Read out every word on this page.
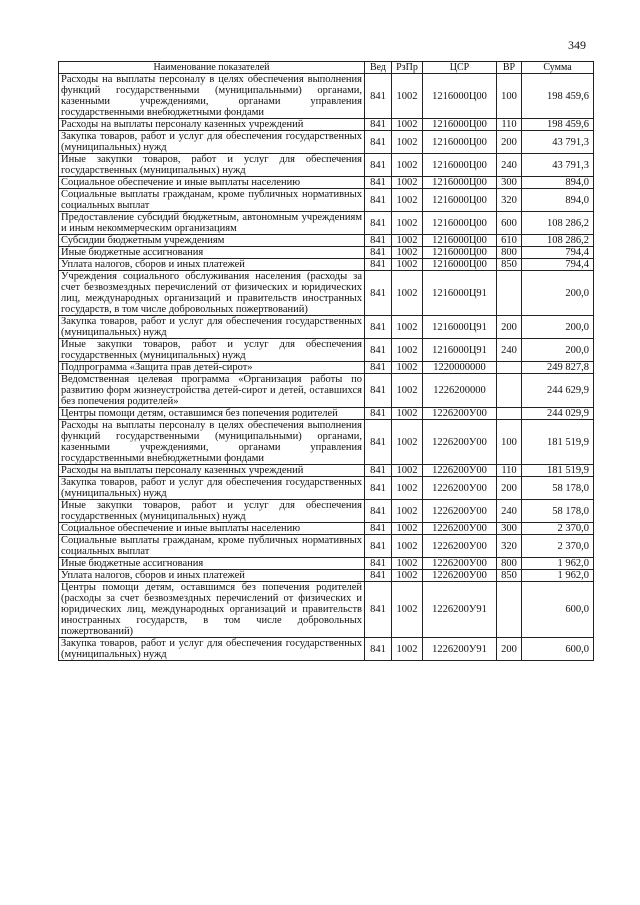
349
Наименование показателей	Вед	РзПр	ЦСР	ВР	Сумма
Расходы на выплаты персоналу в целях обеспечения выполнения функций государственными (муниципальными) органами, казенными учреждениями, органами управления государственными внебюджетными фондами	841	1002	1216000Ц00	100	198 459,6
Расходы на выплаты персоналу казенных учреждений	841	1002	1216000Ц00	110	198 459,6
Закупка товаров, работ и услуг для обеспечения государственных (муниципальных) нужд	841	1002	1216000Ц00	200	43 791,3
Иные закупки товаров, работ и услуг для обеспечения государственных (муниципальных) нужд	841	1002	1216000Ц00	240	43 791,3
Социальное обеспечение и иные выплаты населению	841	1002	1216000Ц00	300	894,0
Социальные выплаты гражданам, кроме публичных нормативных социальных выплат	841	1002	1216000Ц00	320	894,0
Предоставление субсидий бюджетным, автономным учреждениям и иным некоммерческим организациям	841	1002	1216000Ц00	600	108 286,2
Субсидии бюджетным учреждениям	841	1002	1216000Ц00	610	108 286,2
Иные бюджетные ассигнования	841	1002	1216000Ц00	800	794,4
Уплата налогов, сборов и иных платежей	841	1002	1216000Ц00	850	794,4
Учреждения социального обслуживания населения (расходы за счет безвозмездных перечислений от физических и юридических лиц, международных организаций и правительств иностранных государств, в том числе добровольных пожертвований)	841	1002	1216000Ц91		200,0
Закупка товаров, работ и услуг для обеспечения государственных (муниципальных) нужд	841	1002	1216000Ц91	200	200,0
Иные закупки товаров, работ и услуг для обеспечения государственных (муниципальных) нужд	841	1002	1216000Ц91	240	200,0
Подпрограмма «Защита прав детей-сирот»	841	1002	1220000000		249 827,8
Ведомственная целевая программа «Организация работы по развитию форм жизнеустройства детей-сирот и детей, оставшихся без попечения родителей»	841	1002	1226200000		244 629,9
Центры помощи детям, оставшимся без попечения родителей	841	1002	1226200У00		244 029,9
Расходы на выплаты персоналу в целях обеспечения выполнения функций государственными (муниципальными) органами, казенными учреждениями, органами управления государственными внебюджетными фондами	841	1002	1226200У00	100	181 519,9
Расходы на выплаты персоналу казенных учреждений	841	1002	1226200У00	110	181 519,9
Закупка товаров, работ и услуг для обеспечения государственных (муниципальных) нужд	841	1002	1226200У00	200	58 178,0
Иные закупки товаров, работ и услуг для обеспечения государственных (муниципальных) нужд	841	1002	1226200У00	240	58 178,0
Социальное обеспечение и иные выплаты населению	841	1002	1226200У00	300	2 370,0
Социальные выплаты гражданам, кроме публичных нормативных социальных выплат	841	1002	1226200У00	320	2 370,0
Иные бюджетные ассигнования	841	1002	1226200У00	800	1 962,0
Уплата налогов, сборов и иных платежей	841	1002	1226200У00	850	1 962,0
Центры помощи детям, оставшимся без попечения родителей (расходы за счет безвозмездных перечислений от физических и юридических лиц, международных организаций и правительств иностранных государств, в том числе добровольных пожертвований)	841	1002	1226200У91		600,0
Закупка товаров, работ и услуг для обеспечения государственных (муниципальных) нужд	841	1002	1226200У91	200	600,0
